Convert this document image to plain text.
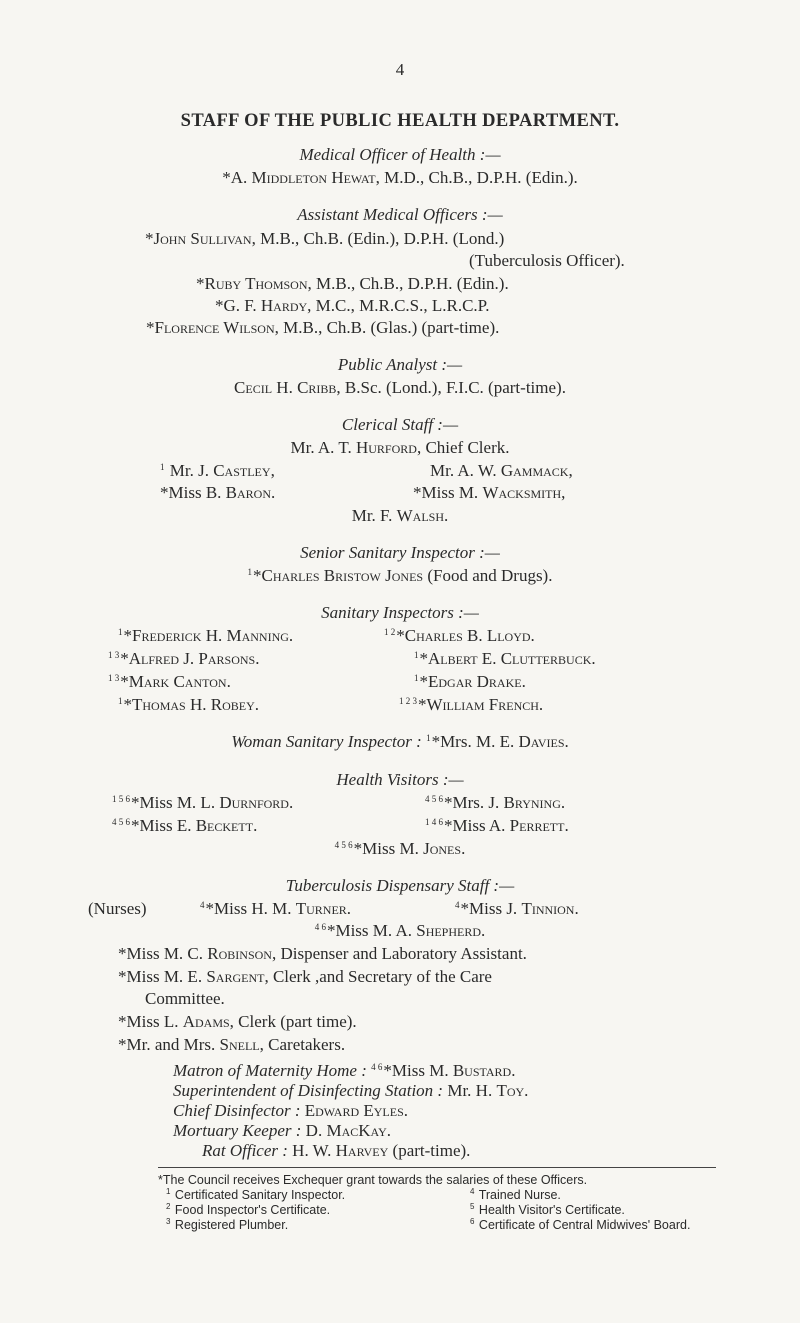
4
STAFF OF THE PUBLIC HEALTH DEPARTMENT.
Medical Officer of Health :—
*A. Middleton Hewat, M.D., Ch.B., D.P.H. (Edin.).
Assistant Medical Officers :—
*John Sullivan, M.B., Ch.B. (Edin.), D.P.H. (Lond.)
(Tuberculosis Officer).
*Ruby Thomson, M.B., Ch.B., D.P.H. (Edin.).
*G. F. Hardy, M.C., M.R.C.S., L.R.C.P.
*Florence Wilson, M.B., Ch.B. (Glas.) (part-time).
Public Analyst :—
Cecil H. Cribb, B.Sc. (Lond.), F.I.C. (part-time).
Clerical Staff :—
Mr. A. T. Hurford, Chief Clerk.
$^1$ Mr. J. Castley,	Mr. A. W. Gammack,
*Miss B. Baron.	*Miss M. Wacksmith,
Mr. F. Walsh.
Senior Sanitary Inspector :—
$^1$*Charles Bristow Jones (Food and Drugs).
Sanitary Inspectors :—
$^1$*Frederick H. Manning.	$^{1 2}$*Charles B. Lloyd.
$^{1 3}$*Alfred J. Parsons.	$^1$*Albert E. Clutterbuck.
$^{1 3}$*Mark Canton.	$^1$*Edgar Drake.
$^1$*Thomas H. Robey.	$^{1 2 3}$*William French.
Woman Sanitary Inspector : $^1$*Mrs. M. E. Davies.
Health Visitors :—
$^{1 5 6}$*Miss M. L. Durnford.	$^{4 5 6}$*Mrs. J. Bryning.
$^{4 5 6}$*Miss E. Beckett.	$^{1 4 6}$*Miss A. Perrett.
$^{4 5 6}$*Miss M. Jones.
Tuberculosis Dispensary Staff :—
(Nurses)	$^4$*Miss H. M. Turner.	$^4$*Miss J. Tinnion.
$^{4 6}$*Miss M. A. Shepherd.
*Miss M. C. Robinson, Dispenser and Laboratory Assistant.
*Miss M. E. Sargent, Clerk ,and Secretary of the Care
Committee.
*Miss L. Adams, Clerk (part time).
*Mr. and Mrs. Snell, Caretakers.
Matron of Maternity Home : $^{4 6}$*Miss M. Bustard.
Superintendent of Disinfecting Station : Mr. H. Toy.
Chief Disinfector : Edward Eyles.
Mortuary Keeper : D. MacKay.
*The Council receives Exchequer grant towards the salaries of these Officers.
$^1$ Certificated Sanitary Inspector.	$^4$ Trained Nurse.
$^2$ Food Inspector's Certificate.	$^5$ Health Visitor's Certificate.
$^3$ Registered Plumber.	$^6$ Certificate of Central Midwives' Board.
Rat Officer : H. W. Harvey (part-time).
